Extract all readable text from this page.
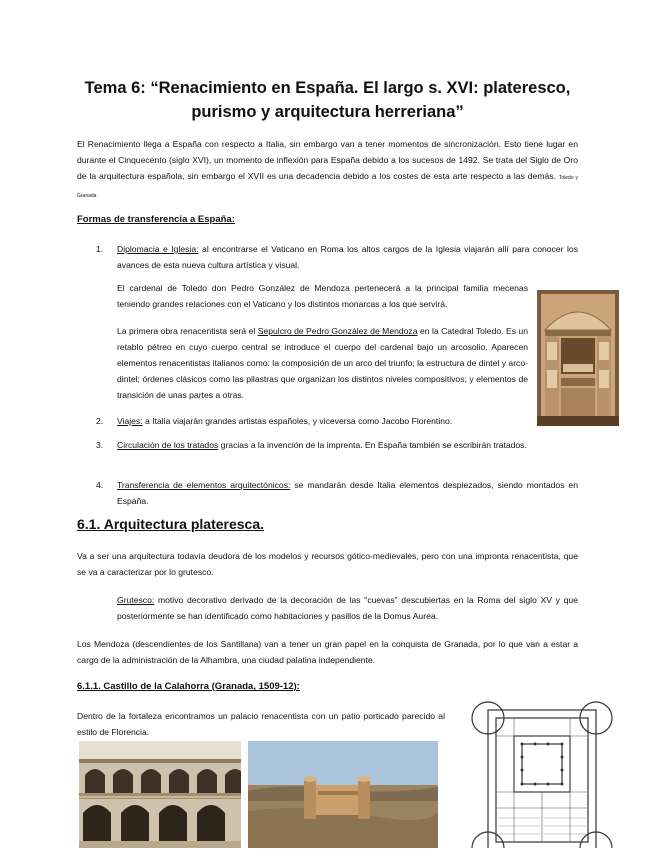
Tema 6: “Renacimiento en España. El largo s. XVI: plateresco,
purismo y arquitectura herreriana”
El Renacimiento llega a España con respecto a Italia, sin embargo van a tener momentos de sincronización. Esto tiene lugar en durante el Cinquecento (siglo XVI), un momento de inflexión para España debido a los sucesos de 1492. Se trata del Siglo de Oro de la arquitectura española, sin embargo el XVII es una decadencia debido a los costes de esta arte respecto a las demás. Toledo y Granada
Formas de transferencia a España:
1. Diplomacia e Iglesia: al encontrarse el Vaticano en Roma los altos cargos de la Iglesia viajarán allí para conocer los avances de esta nueva cultura artística y visual.
El cardenal de Toledo don Pedro González de Mendoza pertenecerá a la principal familia mecenas teniendo grandes relaciones con el Vaticano y los distintos monarcas a los que servirá.
La primera obra renacentista será el Sepulcro de Pedro González de Mendoza en la Catedral Toledo. Es un retablo pétreo en cuyo cuerpo central se introduce el cuerpo del cardenal bajo un arcosolio. Aparecen elementos renacentistas italianos como: la composición de un arco del triunfo; la estructura de dintel y arco-dintel; órdenes clásicos como las pilastras que organizan los distintos niveles compositivos; y elementos de transición de unas partes a otras.
2. Viajes: a Italia viajarán grandes artistas españoles, y viceversa como Jacobo Florentino.
3. Circulación de los tratados gracias a la invención de la imprenta. En España también se escribirán tratados.
4. Transferencia de elementos arquitectónicos: se mandarán desde Italia elementos despiezados, siendo montados en España.
6.1. Arquitectura plateresca.
Va a ser una arquitectura todavía deudora de los modelos y recursos gótico-medievales, pero con una impronta renacentista, que se va a caracterizar por lo grutesco.
Grutesco: motivo decorativo derivado de la decoración de las "cuevas" descubiertas en la Roma del siglo XV y que posteriormente se han identificado como habitaciones y pasillos de la Domus Aurea.
Los Mendoza (descendientes de los Santillana) van a tener un gran papel en la conquista de Granada, por lo que van a estar a cargo de la administración de la Alhambra, una ciudad palatina independiente.
6.1.1. Castillo de la Calahorra (Granada, 1509-12):
Dentro de la fortaleza encontramos un palacio renacentista con un patio porticado parecido al estilo de Florencia.
